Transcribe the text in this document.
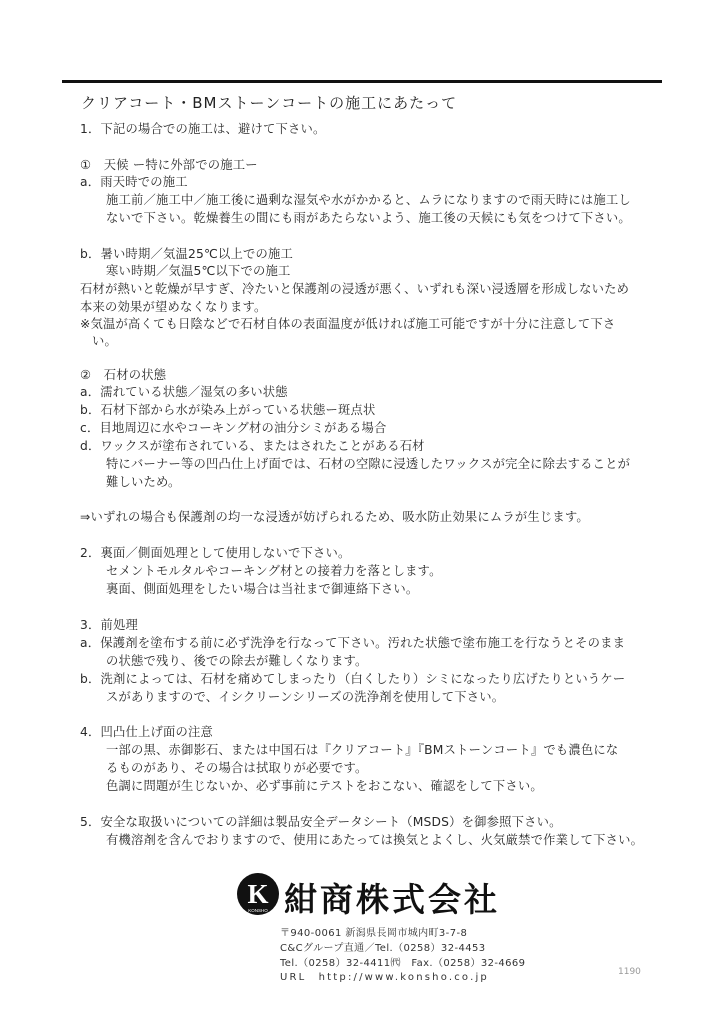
クリアコート・BMストーンコートの施工にあたって
1．下記の場合での施工は、避けて下さい。
①　天候 ー特に外部での施工ー
a．雨天時での施工
施工前／施工中／施工後に過剰な湿気や水がかかると、ムラになりますので雨天時には施工し
ないで下さい。乾燥養生の間にも雨があたらないよう、施工後の天候にも気をつけて下さい。
b．暑い時期／気温25℃以上での施工
寒い時期／気温5℃以下での施工
石材が熱いと乾燥が早すぎ、冷たいと保護剤の浸透が悪く、いずれも深い浸透層を形成しないため
本来の効果が望めなくなります。
※気温が高くても日陰などで石材自体の表面温度が低ければ施工可能ですが十分に注意して下さ
い。
②　石材の状態
a．濡れている状態／湿気の多い状態
b．石材下部から水が染み上がっている状態ー斑点状
c．目地周辺に水やコーキング材の油分シミがある場合
d．ワックスが塗布されている、またはされたことがある石材
特にバーナー等の凹凸仕上げ面では、石材の空隙に浸透したワックスが完全に除去することが
難しいため。
⇒いずれの場合も保護剤の均一な浸透が妨げられるため、吸水防止効果にムラが生じます。
2．裏面／側面処理として使用しないで下さい。
セメントモルタルやコーキング材との接着力を落とします。
裏面、側面処理をしたい場合は当社まで御連絡下さい。
3．前処理
a．保護剤を塗布する前に必ず洗浄を行なって下さい。汚れた状態で塗布施工を行なうとそのまま
の状態で残り、後での除去が難しくなります。
b．洗剤によっては、石材を痛めてしまったり（白くしたり）シミになったり広げたりというケー
スがありますので、イシクリーンシリーズの洗浄剤を使用して下さい。
4．凹凸仕上げ面の注意
一部の黒、赤御影石、または中国石は『クリアコート』『BMストーンコート』でも濃色にな
るものがあり、その場合は拭取りが必要です。
色調に問題が生じないか、必ず事前にテストをおこない、確認をして下さい。
5．安全な取扱いについての詳細は製品安全データシート（MSDS）を御参照下さい。
有機溶剤を含んでおりますので、使用にあたっては換気とよくし、火気厳禁で作業して下さい。
K
KONSHO 紺商株式会社
〒940-0061 新潟県長岡市城内町3-7-8
C&Cグループ直通／Tel.（0258）32-4453
Tel.（0258）32-4411㈹　Fax.（0258）32-4669
URL　http://www.konsho.co.jp	1190
